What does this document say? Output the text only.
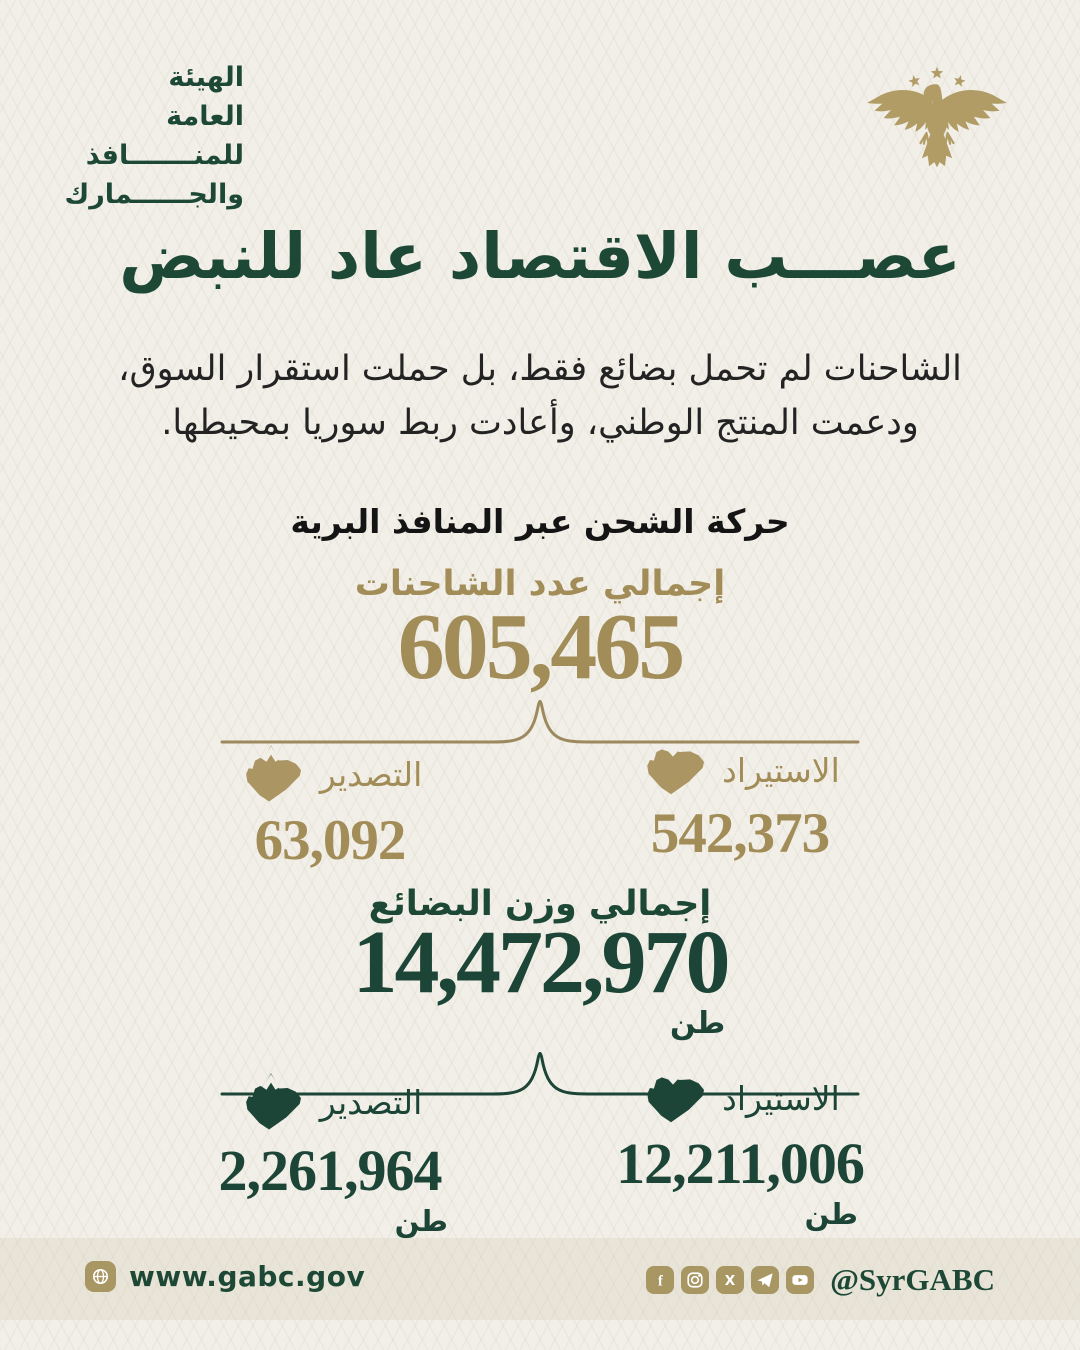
الهيئة العامة
للمنـــــــافذ
والجــــــمارك
عصـــب الاقتصاد عاد للنبض
الشاحنات لم تحمل بضائع فقط، بل حملت استقرار السوق،
ودعمت المنتج الوطني، وأعادت ربط سوريا بمحيطها.
حركة الشحن عبر المنافذ البرية
إجمالي عدد الشاحنات
605,465
الاستيراد
542,373
التصدير
63,092
إجمالي وزن البضائع
14,472,970
طن
الاستيراد
12,211,006
طن
التصدير
2,261,964
طن
www.gabc.gov	f	X	@SyrGABC
